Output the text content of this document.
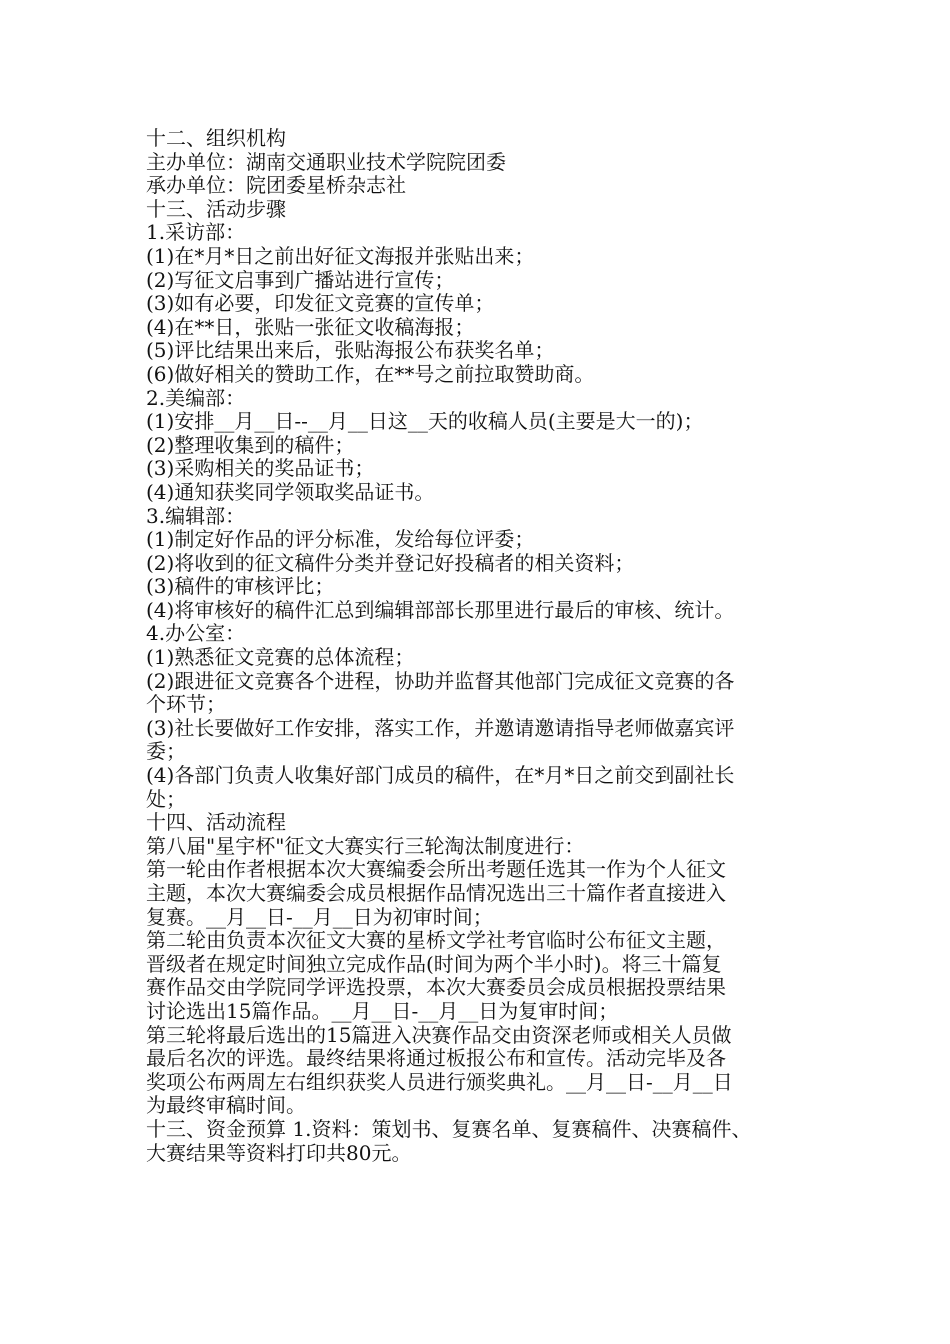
十二、组织机构
主办单位：湖南交通职业技术学院院团委
承办单位：院团委星桥杂志社
十三、活动步骤
1.采访部：
(1)在*月*日之前出好征文海报并张贴出来；
(2)写征文启事到广播站进行宣传；
(3)如有必要，印发征文竞赛的宣传单；
(4)在**日，张贴一张征文收稿海报；
(5)评比结果出来后，张贴海报公布获奖名单；
(6)做好相关的赞助工作，在**号之前拉取赞助商。
2.美编部：
(1)安排__月__日--__月__日这__天的收稿人员(主要是大一的)；
(2)整理收集到的稿件；
(3)采购相关的奖品证书；
(4)通知获奖同学领取奖品证书。
3.编辑部：
(1)制定好作品的评分标准，发给每位评委；
(2)将收到的征文稿件分类并登记好投稿者的相关资料；
(3)稿件的审核评比；
(4)将审核好的稿件汇总到编辑部部长那里进行最后的审核、统计。
4.办公室：
(1)熟悉征文竞赛的总体流程；
(2)跟进征文竞赛各个进程，协助并监督其他部门完成征文竞赛的各
个环节；
(3)社长要做好工作安排，落实工作，并邀请邀请指导老师做嘉宾评
委；
(4)各部门负责人收集好部门成员的稿件，在*月*日之前交到副社长
处；
十四、活动流程
第八届"星宇杯"征文大赛实行三轮淘汰制度进行：
第一轮由作者根据本次大赛编委会所出考题任选其一作为个人征文
主题，本次大赛编委会成员根据作品情况选出三十篇作者直接进入
复赛。__月__日-__月__日为初审时间；
第二轮由负责本次征文大赛的星桥文学社考官临时公布征文主题，
晋级者在规定时间独立完成作品(时间为两个半小时)。将三十篇复
赛作品交由学院同学评选投票，本次大赛委员会成员根据投票结果
讨论选出15篇作品。__月__日-__月__日为复审时间；
第三轮将最后选出的15篇进入决赛作品交由资深老师或相关人员做
最后名次的评选。最终结果将通过板报公布和宣传。活动完毕及各
奖项公布两周左右组织获奖人员进行颁奖典礼。__月__日-__月__日
为最终审稿时间。
十三、资金预算 1.资料：策划书、复赛名单、复赛稿件、决赛稿件、
大赛结果等资料打印共80元。
